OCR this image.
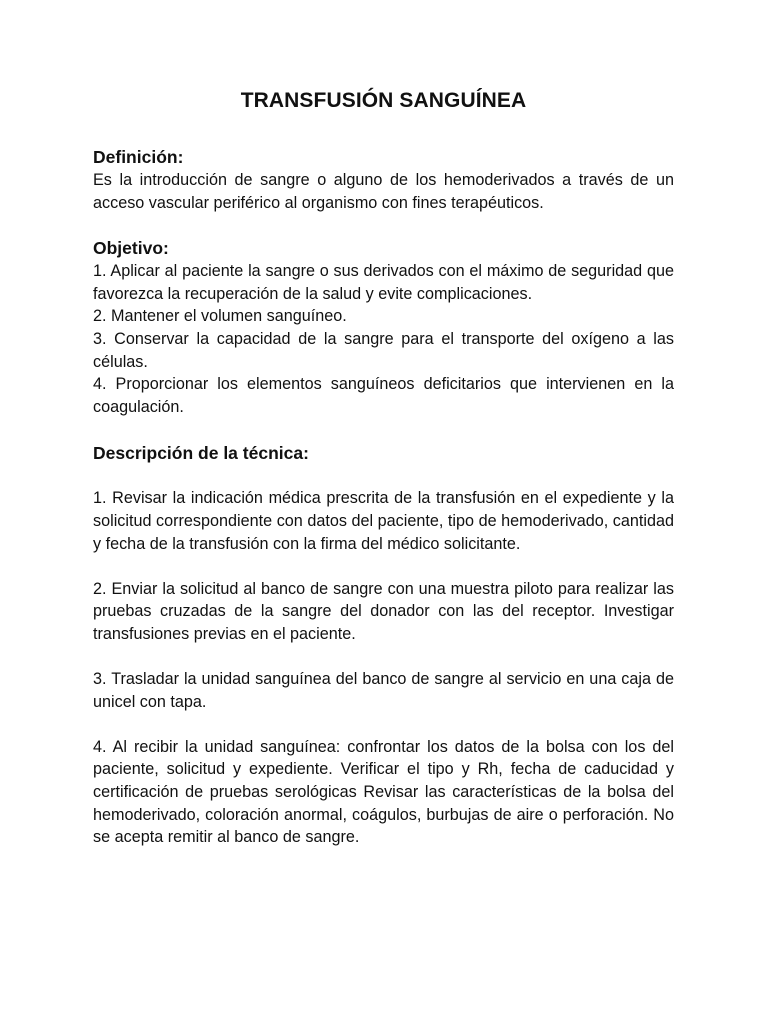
TRANSFUSIÓN SANGUÍNEA
Definición:

Es la introducción de sangre o alguno de los hemoderivados a través de un acceso vascular periférico al organismo con fines terapéuticos.

Objetivo:

1. Aplicar al paciente la sangre o sus derivados con el máximo de seguridad que favorezca la recuperación de la salud y evite complicaciones.

2. Mantener el volumen sanguíneo.

3. Conservar la capacidad de la sangre para el transporte del oxígeno a las células.

4. Proporcionar los elementos sanguíneos deficitarios que intervienen en la coagulación.

Descripción de la técnica:

1. Revisar la indicación médica prescrita de la transfusión en el expediente y la solicitud correspondiente con datos del paciente, tipo de hemoderivado, cantidad y fecha de la transfusión con la firma del médico solicitante.

2. Enviar la solicitud al banco de sangre con una muestra piloto para realizar las pruebas cruzadas de la sangre del donador con las del receptor. Investigar transfusiones previas en el paciente.

3. Trasladar la unidad sanguínea del banco de sangre al servicio en una caja de unicel con tapa.

4. Al recibir la unidad sanguínea: confrontar los datos de la bolsa con los del paciente, solicitud y expediente. Verificar el tipo y Rh, fecha de caducidad y certificación de pruebas serológicas Revisar las características de la bolsa del hemoderivado, coloración anormal, coágulos, burbujas de aire o perforación. No se acepta remitir al banco de sangre.
